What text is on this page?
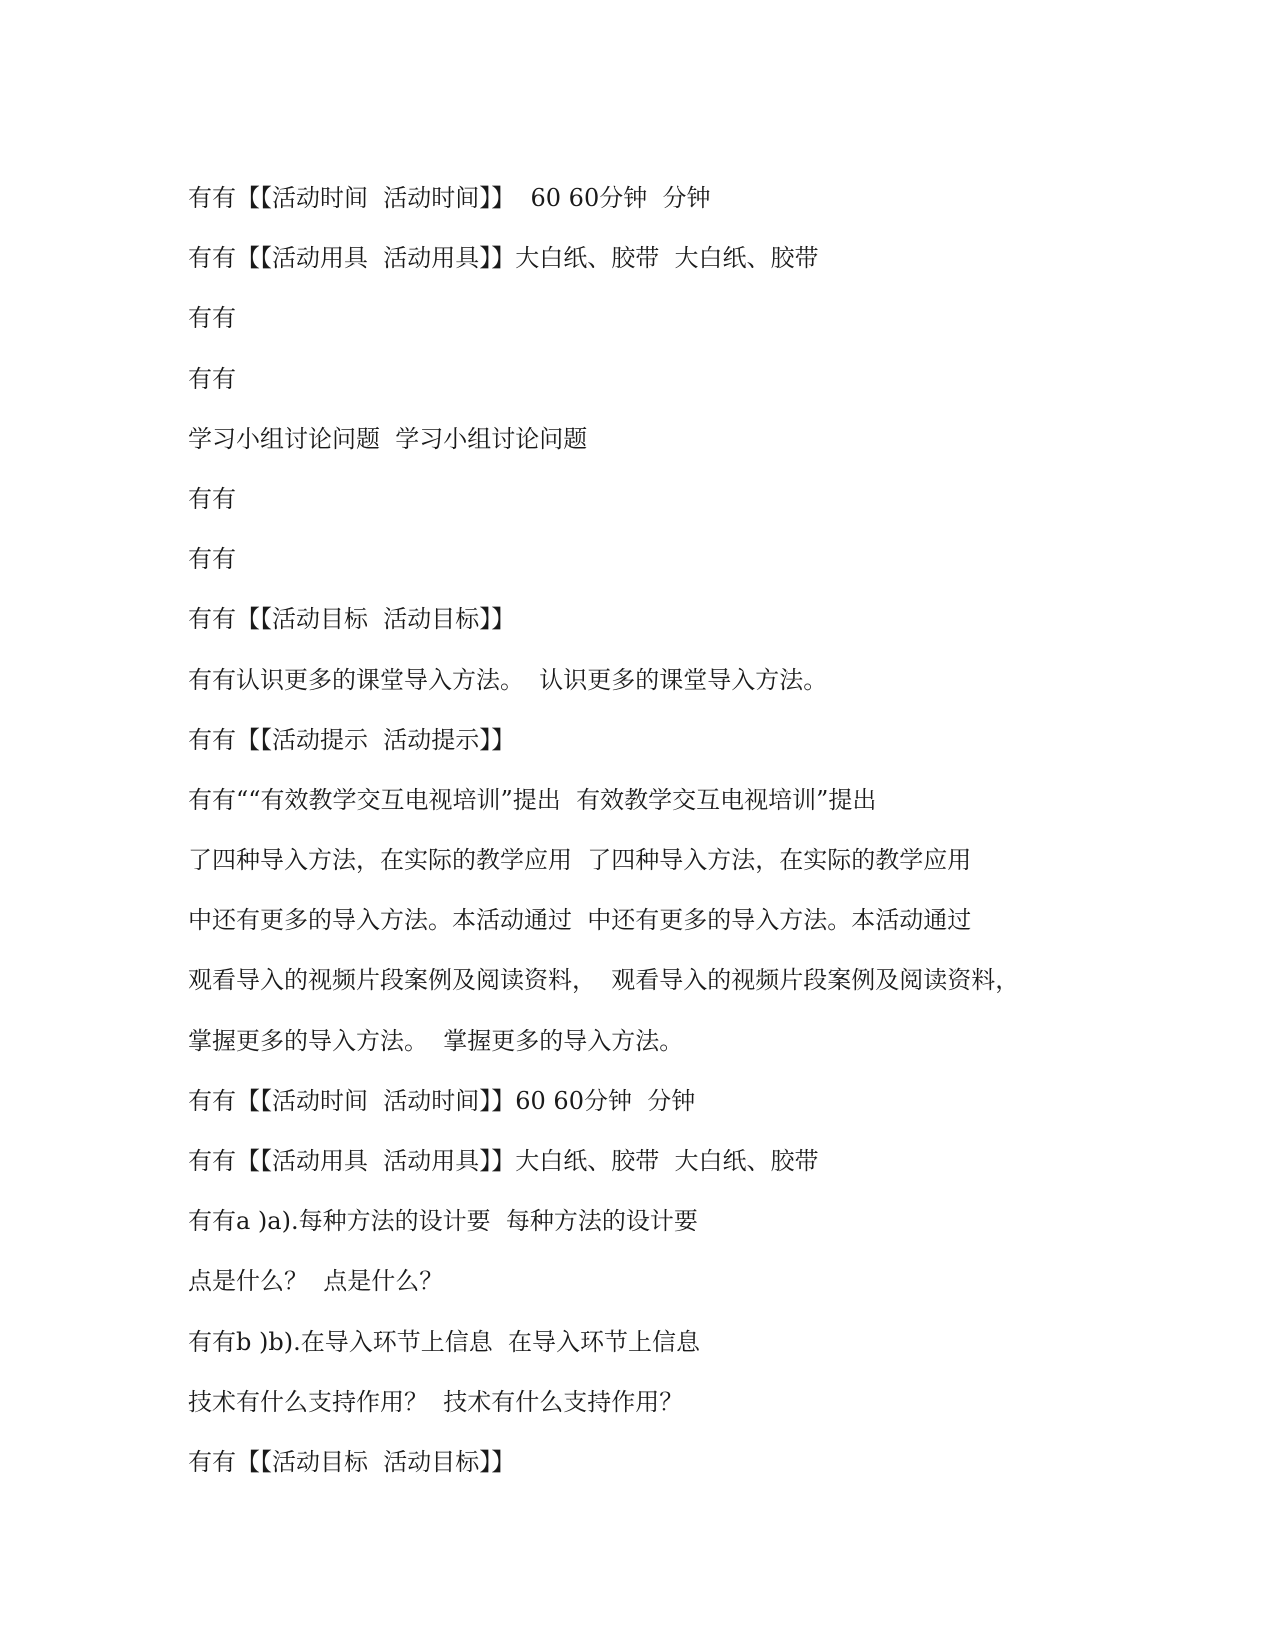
有有【【活动时间  活动时间】】  60 60分钟  分钟
有有【【活动用具  活动用具】】大白纸、胶带  大白纸、胶带
有有
有有
学习小组讨论问题  学习小组讨论问题
有有
有有
有有【【活动目标  活动目标】】
有有认识更多的课堂导入方法。  认识更多的课堂导入方法。
有有【【活动提示  活动提示】】
有有““有效教学交互电视培训”提出  有效教学交互电视培训”提出
了四种导入方法，在实际的教学应用  了四种导入方法，在实际的教学应用
中还有更多的导入方法。本活动通过  中还有更多的导入方法。本活动通过
观看导入的视频片段案例及阅读资料，  观看导入的视频片段案例及阅读资料，
掌握更多的导入方法。  掌握更多的导入方法。
有有【【活动时间  活动时间】】60 60分钟  分钟
有有【【活动用具  活动用具】】大白纸、胶带  大白纸、胶带
有有a )a).每种方法的设计要  每种方法的设计要
点是什么？  点是什么？
有有b )b).在导入环节上信息  在导入环节上信息
技术有什么支持作用？  技术有什么支持作用？
有有【【活动目标  活动目标】】
